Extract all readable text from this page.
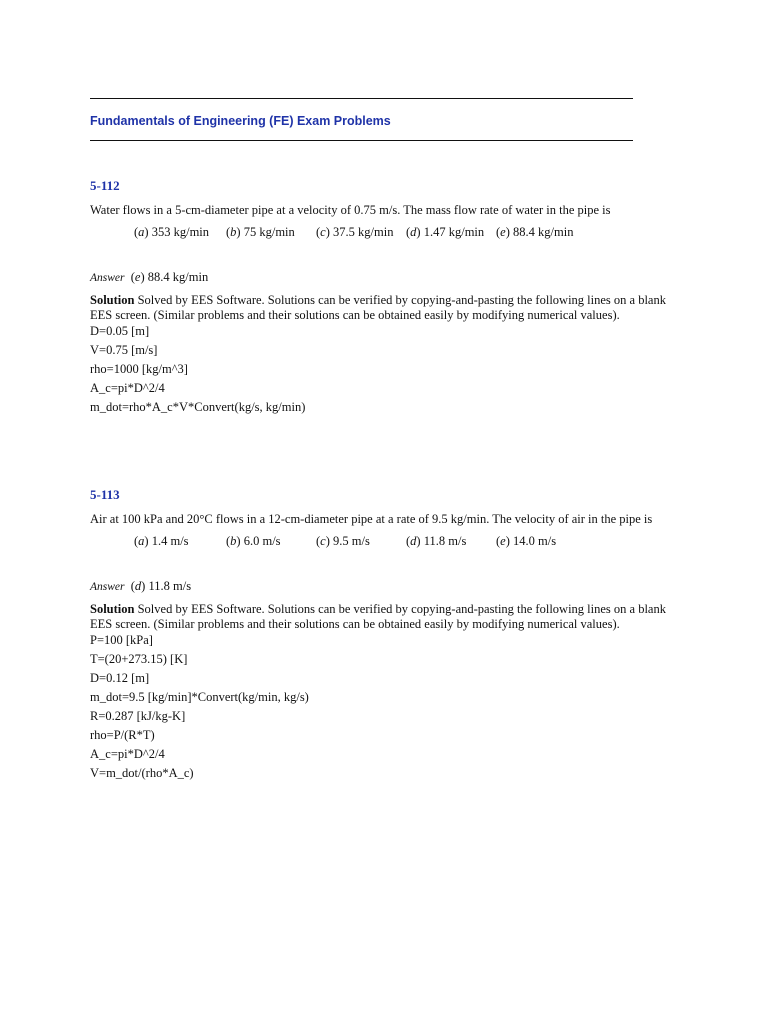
Fundamentals of Engineering (FE) Exam Problems
5-112
Water flows in a 5-cm-diameter pipe at a velocity of 0.75 m/s. The mass flow rate of water in the pipe is
(a) 353 kg/min (b) 75 kg/min (c) 37.5 kg/min (d) 1.47 kg/min (e) 88.4 kg/min
Answer  (e) 88.4 kg/min
Solution Solved by EES Software. Solutions can be verified by copying-and-pasting the following lines on a blank EES screen. (Similar problems and their solutions can be obtained easily by modifying numerical values).
D=0.05 [m]
V=0.75 [m/s]
rho=1000 [kg/m^3]
A_c=pi*D^2/4
m_dot=rho*A_c*V*Convert(kg/s, kg/min)
5-113
Air at 100 kPa and 20°C flows in a 12-cm-diameter pipe at a rate of 9.5 kg/min. The velocity of air in the pipe is
(a) 1.4 m/s	(b) 6.0 m/s	(c) 9.5 m/s	(d) 11.8 m/s (e) 14.0 m/s
Answer  (d) 11.8 m/s
Solution Solved by EES Software. Solutions can be verified by copying-and-pasting the following lines on a blank EES screen. (Similar problems and their solutions can be obtained easily by modifying numerical values).
P=100 [kPa]
T=(20+273.15) [K]
D=0.12 [m]
m_dot=9.5 [kg/min]*Convert(kg/min, kg/s)
R=0.287 [kJ/kg-K]
rho=P/(R*T)
A_c=pi*D^2/4
V=m_dot/(rho*A_c)
